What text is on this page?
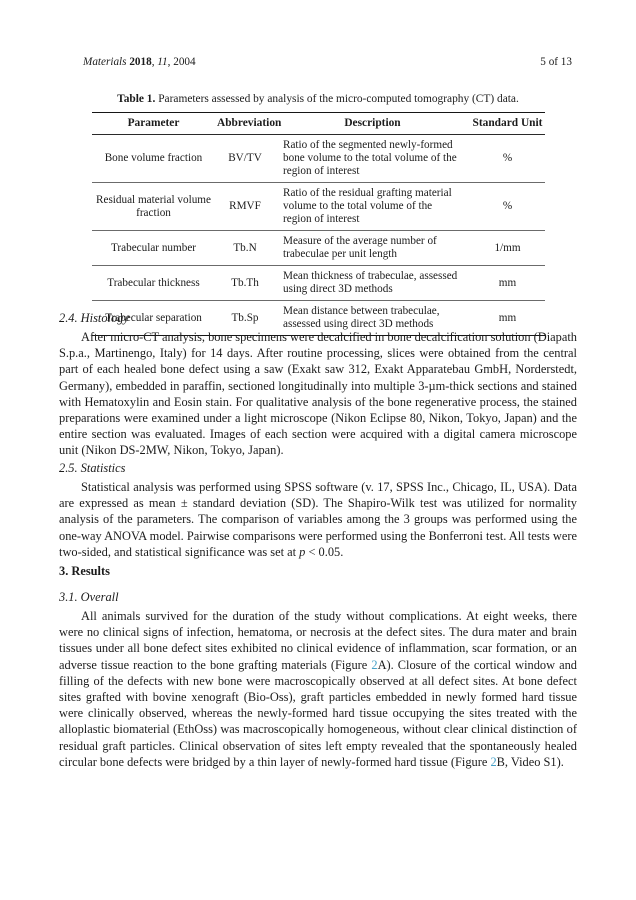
Materials 2018, 11, 2004	5 of 13
Table 1. Parameters assessed by analysis of the micro-computed tomography (CT) data.
Parameter	Abbreviation	Description	Standard Unit
Bone volume fraction	BV/TV	Ratio of the segmented newly-formed bone volume to the total volume of the region of interest	%
Residual material volume fraction	RMVF	Ratio of the residual grafting material volume to the total volume of the region of interest	%
Trabecular number	Tb.N	Measure of the average number of trabeculae per unit length	1/mm
Trabecular thickness	Tb.Th	Mean thickness of trabeculae, assessed using direct 3D methods	mm
Trabecular separation	Tb.Sp	Mean distance between trabeculae, assessed using direct 3D methods	mm
2.4. Histology

After micro-CT analysis, bone specimens were decalcified in bone decalcification solution (Diapath S.p.a., Martinengo, Italy) for 14 days. After routine processing, slices were obtained from the central part of each healed bone defect using a saw (Exakt saw 312, Exakt Apparatebau GmbH, Norderstedt, Germany), embedded in paraffin, sectioned longitudinally into multiple 3-µm-thick sections and stained with Hematoxylin and Eosin stain. For qualitative analysis of the bone regenerative process, the stained preparations were examined under a light microscope (Nikon Eclipse 80, Nikon, Tokyo, Japan) and the entire section was evaluated. Images of each section were acquired with a digital camera microscope unit (Nikon DS-2MW, Nikon, Tokyo, Japan).

2.5. Statistics

Statistical analysis was performed using SPSS software (v. 17, SPSS Inc., Chicago, IL, USA). Data are expressed as mean ± standard deviation (SD). The Shapiro-Wilk test was utilized for normality analysis of the parameters. The comparison of variables among the 3 groups was performed using the one-way ANOVA model. Pairwise comparisons were performed using the Bonferroni test. All tests were two-sided, and statistical significance was set at p < 0.05.

3. Results
3.1. Overall

All animals survived for the duration of the study without complications. At eight weeks, there were no clinical signs of infection, hematoma, or necrosis at the defect sites. The dura mater and brain tissues under all bone defect sites exhibited no clinical evidence of inflammation, scar formation, or an adverse tissue reaction to the bone grafting materials (Figure 2A). Closure of the cortical window and filling of the defects with new bone were macroscopically observed at all defect sites. At bone defect sites grafted with bovine xenograft (Bio-Oss), graft particles embedded in newly formed hard tissue were clinically observed, whereas the newly-formed hard tissue occupying the sites treated with the alloplastic biomaterial (EthOss) was macroscopically homogeneous, without clear clinical distinction of residual graft particles. Clinical observation of sites left empty revealed that the spontaneously healed circular bone defects were bridged by a thin layer of newly-formed hard tissue (Figure 2B, Video S1).
